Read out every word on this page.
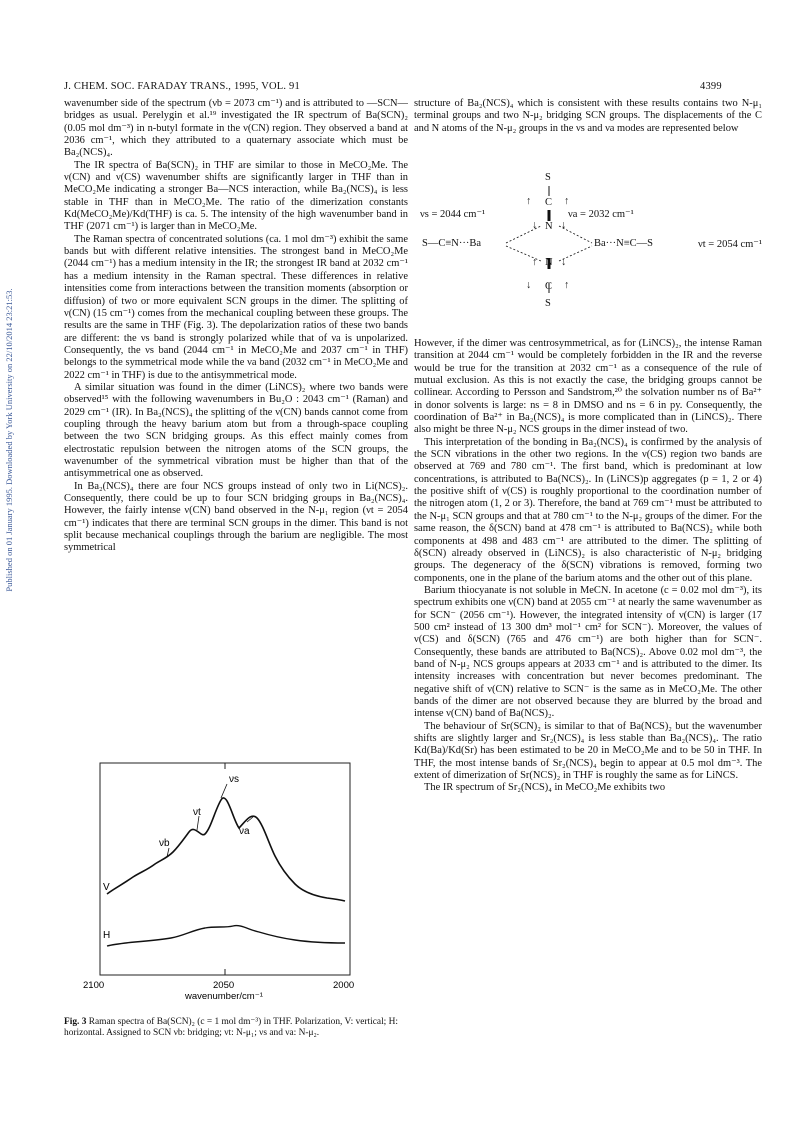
J. CHEM. SOC. FARADAY TRANS., 1995, VOL. 91	4399
Published on 01 January 1995. Downloaded by York University on 22/10/2014 23:21:53.

wavenumber side of the spectrum (νb = 2073 cm⁻¹) and is attributed to —SCN— bridges as usual. Perelygin et al.¹⁹ investigated the IR spectrum of Ba(SCN)₂ (0.05 mol dm⁻³) in n-butyl formate in the ν(CN) region. They observed a band at 2036 cm⁻¹, which they attributed to a quaternary associate which must be Ba₂(NCS)₄.

The IR spectra of Ba(SCN)₂ in THF are similar to those in MeCO₂Me. The ν(CN) and ν(CS) wavenumber shifts are significantly larger in THF than in MeCO₂Me indicating a stronger Ba—NCS interaction, while Ba₂(NCS)₄ is less stable in THF than in MeCO₂Me. The ratio of the dimerization constants Kd(MeCO₂Me)/Kd(THF) is ca. 5. The intensity of the high wavenumber band in THF (2071 cm⁻¹) is larger than in MeCO₂Me.

The Raman spectra of concentrated solutions (ca. 1 mol dm⁻³) exhibit the same bands but with different relative intensities. The strongest band in MeCO₂Me (2044 cm⁻¹) has a medium intensity in the IR; the strongest IR band at 2032 cm⁻¹ has a medium intensity in the Raman spectral. These differences in relative intensities come from interactions between the transition moments (absorption or diffusion) of two or more equivalent SCN groups in the dimer. The splitting of ν(CN) (15 cm⁻¹) comes from the mechanical coupling between these groups. The results are the same in THF (Fig. 3). The depolarization ratios of these two bands are different: the νs band is strongly polarized while that of νa is unpolarized. Consequently, the νs band (2044 cm⁻¹ in MeCO₂Me and 2037 cm⁻¹ in THF) belongs to the symmetrical mode while the νa band (2032 cm⁻¹ in MeCO₂Me and 2022 cm⁻¹ in THF) is due to the antisymmetrical mode.

A similar situation was found in the dimer (LiNCS)₂ where two bands were observed¹⁵ with the following wavenumbers in Bu₂O : 2043 cm⁻¹ (Raman) and 2029 cm⁻¹ (IR). In Ba₂(NCS)₄ the splitting of the ν(CN) bands cannot come from coupling through the heavy barium atom but from a through-space coupling between the two SCN bridging groups. As this effect mainly comes from electrostatic repulsion between the nitrogen atoms of the SCN groups, the wavenumber of the symmetrical vibration must be higher than that of the antisymmetrical one as observed.

In Ba₂(NCS)₄ there are four NCS groups instead of only two in Li(NCS)₂. Consequently, there could be up to four SCN bridging groups in Ba₂(NCS)₄. However, the fairly intense ν(CN) band observed in the N-μ₁ region (νt = 2054 cm⁻¹) indicates that there are terminal SCN groups in the dimer. This band is not split because mechanical couplings through the barium are negligible. The most symmetrical

structure of Ba₂(NCS)₄ which is consistent with these results contains two N-μ₁ terminal groups and two N-μ₂ bridging SCN groups. The displacements of the C and N atoms of the N-μ₂ groups in the νs and νa modes are represented below

S
↑ C ↑
νs = 2044 cm⁻¹	νa = 2032 cm⁻¹
↓ N ↓
S—C≡N···Ba	Ba···N≡C—S	νt = 2054 cm⁻¹
↑ N ↓
↓ C ↑
S

However, if the dimer was centrosymmetrical, as for (LiNCS)₂, the intense Raman transition at 2044 cm⁻¹ would be completely forbidden in the IR and the reverse would be true for the transition at 2032 cm⁻¹ as a consequence of the rule of mutual exclusion. As this is not exactly the case, the bridging groups cannot be collinear. According to Persson and Sandstrom,²⁰ the solvation number ns of Ba²⁺ in donor solvents is large: ns = 8 in DMSO and ns = 6 in py. Consequently, the coordination of Ba²⁺ in Ba₂(NCS)₄ is more complicated than in (LiNCS)₂. There also might be three N-μ₂ NCS groups in the dimer instead of two.

This interpretation of the bonding in Ba₂(NCS)₄ is confirmed by the analysis of the SCN vibrations in the other two regions. In the ν(CS) region two bands are observed at 769 and 780 cm⁻¹. The first band, which is predominant at low concentrations, is attributed to Ba(NCS)₂. In (LiNCS)p aggregates (p = 1, 2 or 4) the positive shift of ν(CS) is roughly proportional to the coordination number of the nitrogen atom (1, 2 or 3). Therefore, the band at 769 cm⁻¹ must be attributed to the N-μ₁ SCN groups and that at 780 cm⁻¹ to the N-μ₂ groups of the dimer. For the same reason, the δ(SCN) band at 478 cm⁻¹ is attributed to Ba(NCS)₂ while both components at 498 and 483 cm⁻¹ are attributed to the dimer. The splitting of δ(SCN) already observed in (LiNCS)₂ is also characteristic of N-μ₂ bridging groups. The degeneracy of the δ(SCN) vibrations is removed, forming two components, one in the plane of the barium atoms and the other out of this plane.

Barium thiocyanate is not soluble in MeCN. In acetone (c = 0.02 mol dm⁻³), its spectrum exhibits one ν(CN) band at 2055 cm⁻¹ at nearly the same wavenumber as for SCN⁻ (2056 cm⁻¹). However, the integrated intensity of ν(CN) is larger (17 500 cm² instead of 13 300 dm³ mol⁻¹ cm² for SCN⁻). Moreover, the values of ν(CS) and δ(SCN) (765 and 476 cm⁻¹) are both higher than for SCN⁻. Consequently, these bands are attributed to Ba(NCS)₂. Above 0.02 mol dm⁻³, the band of N-μ₂ NCS groups appears at 2033 cm⁻¹ and is attributed to the dimer. Its intensity increases with concentration but never becomes predominant. The negative shift of ν(CN) relative to SCN⁻ is the same as in MeCO₂Me. The other bands of the dimer are not observed because they are blurred by the broad and intense ν(CN) band of Ba(NCS)₂.

The behaviour of Sr(SCN)₂ is similar to that of Ba(NCS)₂ but the wavenumber shifts are slightly larger and Sr₂(NCS)₄ is less stable than Ba₂(NCS)₄. The ratio Kd(Ba)/Kd(Sr) has been estimated to be 20 in MeCO₂Me and to be 50 in THF. In THF, the most intense bands of Sr₂(NCS)₄ begin to appear at 0.5 mol dm⁻³. The extent of dimerization of Sr(NCS)₂ in THF is roughly the same as for LiNCS.

The IR spectrum of Sr₂(NCS)₄ in MeCO₂Me exhibits two

νs
νt
νa
νb
V
H
2100	2050	2000
wavenumber/cm⁻¹
Fig. 3 Raman spectra of Ba(SCN)₂ (c = 1 mol dm⁻³) in THF. Polarization, V: vertical; H: horizontal. Assigned to SCN νb: bridging; νt: N-μ₁; νs and νa: N-μ₂.
